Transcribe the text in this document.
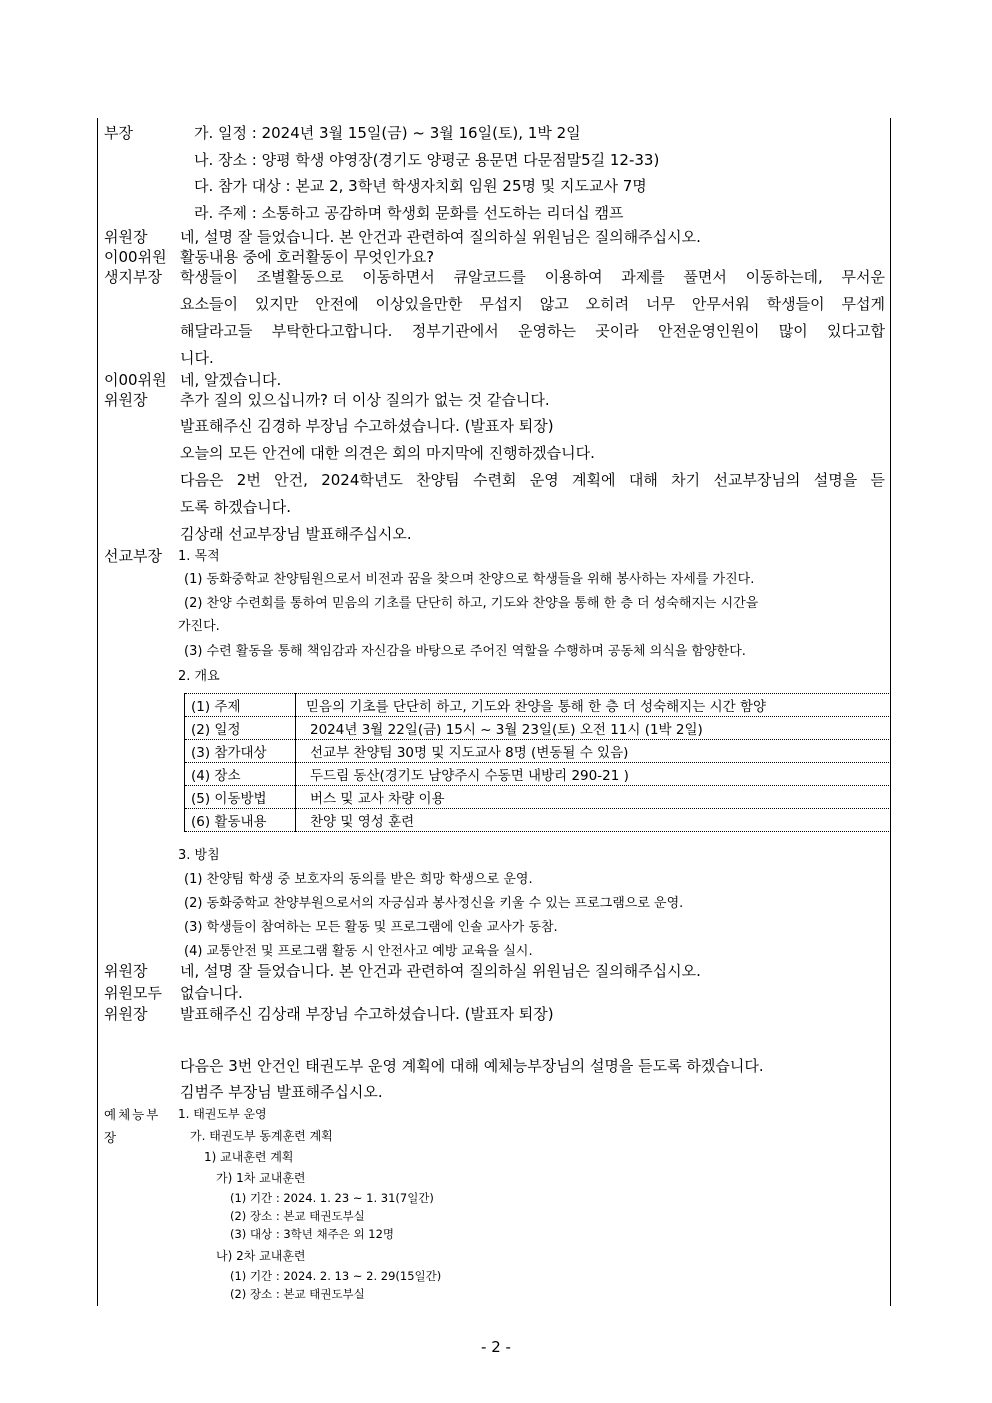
부장	가. 일정 : 2024년 3월 15일(금) ~ 3월 16일(토), 1박 2일
나. 장소 : 양평 학생 야영장(경기도 양평군 용문면 다문점말5길 12-33)
다. 참가 대상 : 본교 2, 3학년 학생자치회 임원 25명 및 지도교사 7명
라. 주제 : 소통하고 공감하며 학생회 문화를 선도하는 리더십 캠프
위원장 네, 설명 잘 들었습니다. 본 안건과 관련하여 질의하실 위원님은 질의해주십시오.
이00위원 활동내용 중에 호러활동이 무엇인가요?
생지부장 학생들이 조별활동으로 이동하면서 큐알코드를 이용하여 과제를 풀면서 이동하는데, 무서운
요소들이 있지만 안전에 이상있을만한 무섭지 않고 오히려 너무 안무서워 학생들이 무섭게
해달라고들 부탁한다고합니다. 정부기관에서 운영하는 곳이라 안전운영인원이 많이 있다고합
니다.
이00위원 네, 알겠습니다.
위원장 추가 질의 있으십니까? 더 이상 질의가 없는 것 같습니다.
발표해주신 김경하 부장님 수고하셨습니다. (발표자 퇴장)
오늘의 모든 안건에 대한 의견은 회의 마지막에 진행하겠습니다.
다음은 2번 안건, 2024학년도 찬양팀 수련회 운영 계획에 대해 차기 선교부장님의 설명을 듣
도록 하겠습니다.
김상래 선교부장님 발표해주십시오.
선교부장 1. 목적
(1) 동화중학교 찬양팀원으로서 비전과 꿈을 찾으며 찬양으로 학생들을 위해 봉사하는 자세를 가진다.
(2) 찬양 수련회를 통하여 믿음의 기초를 단단히 하고, 기도와 찬양을 통해 한 층 더 성숙해지는 시간을
가진다.
(3) 수련 활동을 통해 책임감과 자신감을 바탕으로 주어진 역할을 수행하며 공동체 의식을 함양한다.
2. 개요
(1) 주제	믿음의 기초를 단단히 하고, 기도와 찬양을 통해 한 층 더 성숙해지는 시간 함양
(2) 일정	2024년 3월 22일(금) 15시 ~ 3월 23일(토) 오전 11시 (1박 2일)
(3) 참가대상	선교부 찬양팀 30명 및 지도교사 8명 (변동될 수 있음)
(4) 장소	두드림 동산(경기도 남양주시 수동면 내방리 290-21 )
(5) 이동방법	버스 및 교사 차량 이용
(6) 활동내용	찬양 및 영성 훈련
3. 방침
(1) 찬양팀 학생 중 보호자의 동의를 받은 희망 학생으로 운영.
(2) 동화중학교 찬양부원으로서의 자긍심과 봉사정신을 키울 수 있는 프로그램으로 운영.
(3) 학생들이 참여하는 모든 활동 및 프로그램에 인솔 교사가 동참.
(4) 교통안전 및 프로그램 활동 시 안전사고 예방 교육을 실시.
위원장 네, 설명 잘 들었습니다. 본 안건과 관련하여 질의하실 위원님은 질의해주십시오.
위원모두 없습니다.
위원장 발표해주신 김상래 부장님 수고하셨습니다. (발표자 퇴장)
다음은 3번 안건인 태권도부 운영 계획에 대해 예체능부장님의 설명을 듣도록 하겠습니다.
김범주 부장님 발표해주십시오.
예체능부
장
1. 태권도부 운영
가. 태권도부 동계훈련 계획
1) 교내훈련 계획
가) 1차 교내훈련
(1) 기간 : 2024. 1. 23 ~ 1. 31(7일간)
(2) 장소 : 본교 태권도부실
(3) 대상 : 3학년 채주은 외 12명
나) 2차 교내훈련
(1) 기간 : 2024. 2. 13 ~ 2. 29(15일간)
(2) 장소 : 본교 태권도부실
- 2 -
